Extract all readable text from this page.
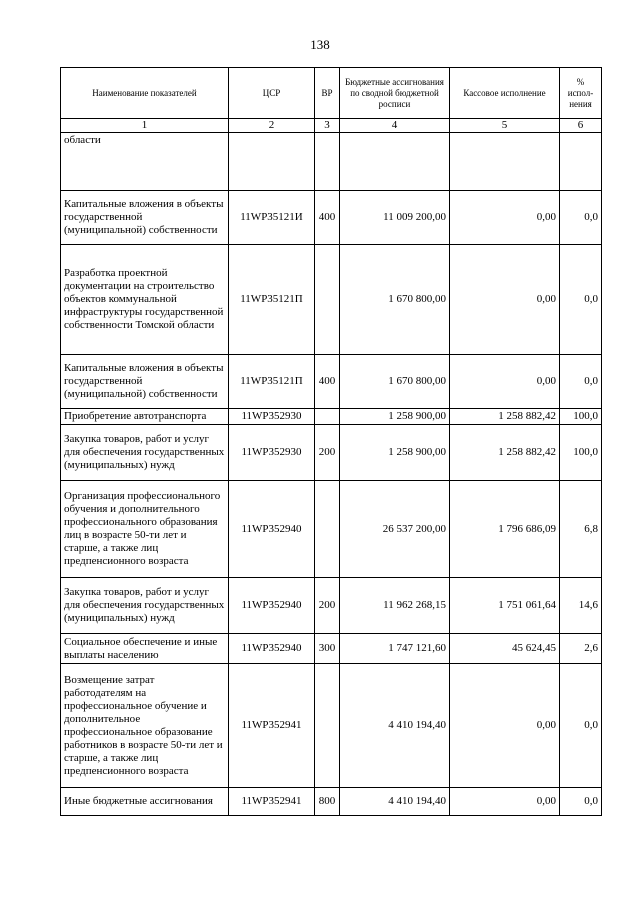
138
Наименование показателей	ЦСР	ВР	Бюджетные ассигнования по сводной бюджетной росписи	Кассовое исполнение	% испол-нения
1	2	3	4	5	6
области					
Капитальные вложения в объекты государственной (муниципальной) собственности	11WP35121И	400	11 009 200,00	0,00	0,0
Разработка проектной документации на строительство объектов коммунальной инфраструктуры государственной собственности Томской области	11WP35121П		1 670 800,00	0,00	0,0
Капитальные вложения в объекты государственной (муниципальной) собственности	11WP35121П	400	1 670 800,00	0,00	0,0
Приобретение автотранспорта	11WP352930		1 258 900,00	1 258 882,42	100,0
Закупка товаров, работ и услуг для обеспечения государственных (муниципальных) нужд	11WP352930	200	1 258 900,00	1 258 882,42	100,0
Организация профессионального обучения и дополнительного профессионального образования лиц в возрасте 50-ти лет и старше, а также лиц предпенсионного возраста	11WP352940		26 537 200,00	1 796 686,09	6,8
Закупка товаров, работ и услуг для обеспечения государственных (муниципальных) нужд	11WP352940	200	11 962 268,15	1 751 061,64	14,6
Социальное обеспечение и иные выплаты населению	11WP352940	300	1 747 121,60	45 624,45	2,6
Возмещение затрат работодателям на профессиональное обучение и дополнительное профессиональное образование работников в возрасте 50-ти лет и старше, а также лиц предпенсионного возраста	11WP352941		4 410 194,40	0,00	0,0
Иные бюджетные ассигнования	11WP352941	800	4 410 194,40	0,00	0,0
